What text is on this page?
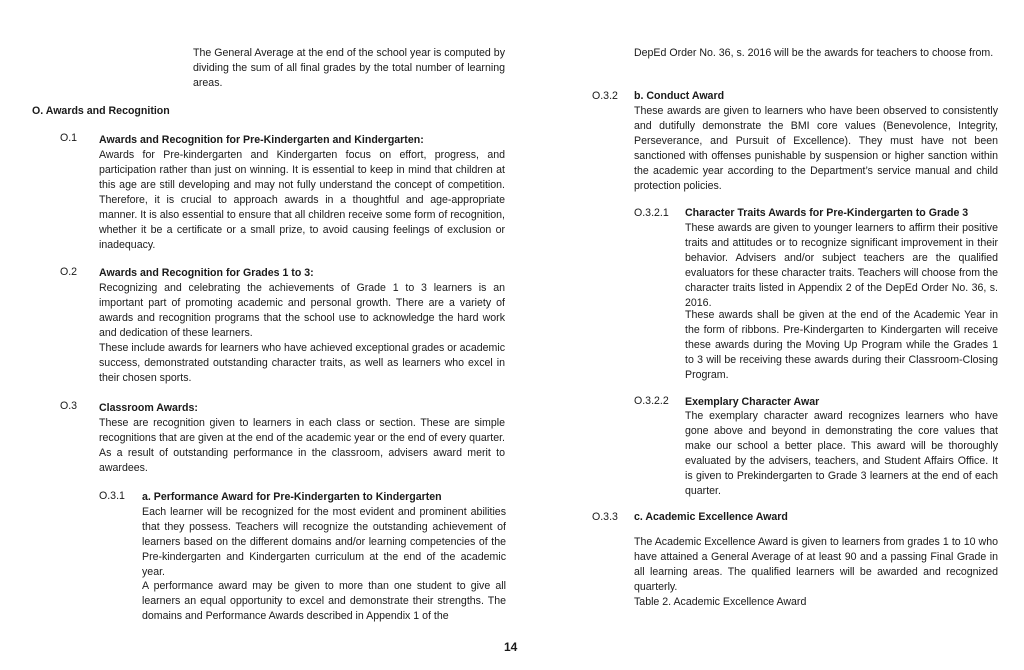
The General Average at the end of the school year is computed by dividing the sum of all final grades by the total number of learning areas.

O. Awards and Recognition

O.1 Awards and Recognition for Pre-Kindergarten and Kindergarten:

Awards for Pre-kindergarten and Kindergarten focus on effort, progress, and participation rather than just on winning. It is essential to keep in mind that children at this age are still developing and may not fully understand the concept of competition. Therefore, it is crucial to approach awards in a thoughtful and age-appropriate manner. It is also essential to ensure that all children receive some form of recognition, whether it be a certificate or a small prize, to avoid causing feelings of exclusion or inadequacy.

O.2 Awards and Recognition for Grades 1 to 3:

Recognizing and celebrating the achievements of Grade 1 to 3 learners is an important part of promoting academic and personal growth. There are a variety of awards and recognition programs that the school use to acknowledge the hard work and dedication of these learners.

These include awards for learners who have achieved exceptional grades or academic success, demonstrated outstanding character traits, as well as learners who excel in their chosen sports.

O.3 Classroom Awards:

These are recognition given to learners in each class or section. These are simple recognitions that are given at the end of the academic year or the end of every quarter. As a result of outstanding performance in the classroom, advisers award merit to awardees.

O.3.1 a. Performance Award for Pre-Kindergarten to Kindergarten

Each learner will be recognized for the most evident and prominent abilities that they possess. Teachers will recognize the outstanding achievement of learners based on the different domains and/or learning competencies of the Pre-kindergarten and Kindergarten curriculum at the end of the academic year.

A performance award may be given to more than one student to give all learners an equal opportunity to excel and demonstrate their strengths. The domains and Performance Awards described in Appendix 1 of the

DepEd Order No. 36, s. 2016 will be the awards for teachers to choose from.

O.3.2 b. Conduct Award

These awards are given to learners who have been observed to consistently and dutifully demonstrate the BMI core values (Benevolence, Integrity, Perseverance, and Pursuit of Excellence). They must have not been sanctioned with offenses punishable by suspension or higher sanction within the academic year according to the Department’s service manual and child protection policies.

O.3.2.1 Character Traits Awards for Pre-Kindergarten to Grade 3

These awards are given to younger learners to affirm their positive traits and attitudes or to recognize significant improvement in their behavior. Advisers and/or subject teachers are the qualified evaluators for these character traits. Teachers will choose from the character traits listed in Appendix 2 of the DepEd Order No. 36, s. 2016.

These awards shall be given at the end of the Academic Year in the form of ribbons. Pre-Kindergarten to Kindergarten will receive these awards during the Moving Up Program while the Grades 1 to 3 will be receiving these awards during their Classroom-Closing Program.

O.3.2.2 Exemplary Character Awar

The exemplary character award recognizes learners who have gone above and beyond in demonstrating the core values that make our school a better place. This award will be thoroughly evaluated by the advisers, teachers, and Student Affairs Office. It is given to Prekindergarten to Grade 3 learners at the end of each quarter.

O.3.3 c. Academic Excellence Award

The Academic Excellence Award is given to learners from grades 1 to 10 who have attained a General Average of at least 90 and a passing Final Grade in all learning areas. The qualified learners will be awarded and recognized quarterly.

Table 2. Academic Excellence Award

14
